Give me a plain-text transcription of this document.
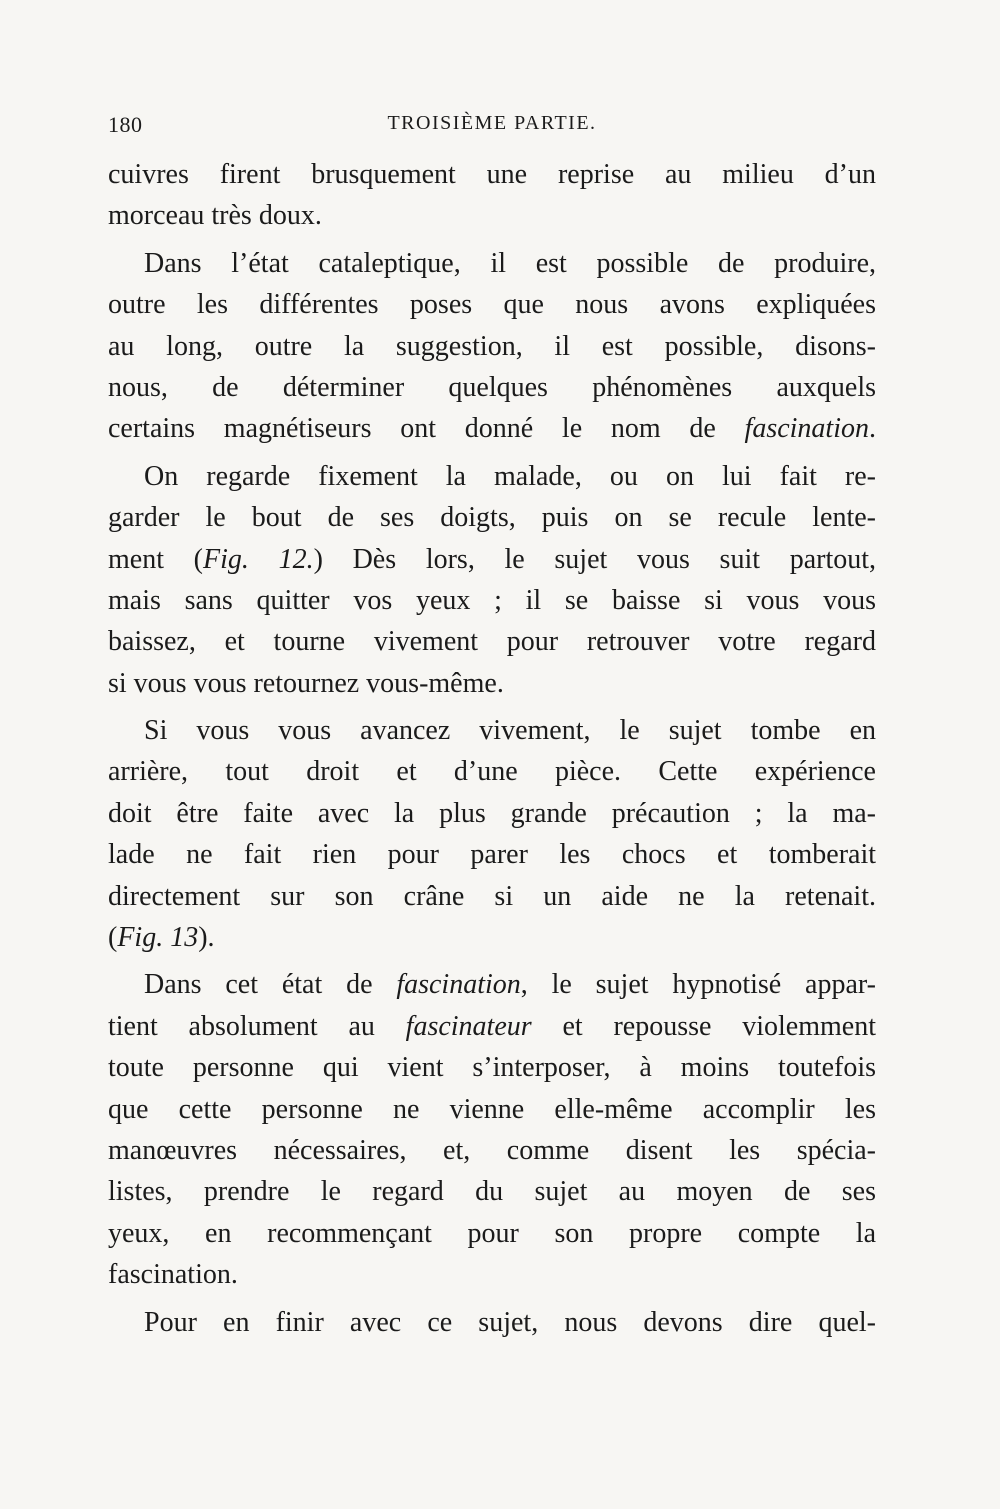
180	TROISIÈME PARTIE.
cuivres firent brusquement une reprise au milieu d’un
morceau très doux.
Dans l’état cataleptique, il est possible de produire,
outre les différentes poses que nous avons expliquées
au long, outre la suggestion, il est possible, disons-
nous, de déterminer quelques phénomènes auxquels
certains magnétiseurs ont donné le nom de fascination.
On regarde fixement la malade, ou on lui fait re-
garder le bout de ses doigts, puis on se recule lente-
ment (Fig. 12.) Dès lors, le sujet vous suit partout,
mais sans quitter vos yeux ; il se baisse si vous vous
baissez, et tourne vivement pour retrouver votre regard
si vous vous retournez vous-même.
Si vous vous avancez vivement, le sujet tombe en
arrière, tout droit et d’une pièce. Cette expérience
doit être faite avec la plus grande précaution ; la ma-
lade ne fait rien pour parer les chocs et tomberait
directement sur son crâne si un aide ne la retenait.
(Fig. 13).
Dans cet état de fascination, le sujet hypnotisé appar-
tient absolument au fascinateur et repousse violemment
toute personne qui vient s’interposer, à moins toutefois
que cette personne ne vienne elle-même accomplir les
manœuvres nécessaires, et, comme disent les spécia-
listes, prendre le regard du sujet au moyen de ses
yeux, en recommençant pour son propre compte la
fascination.
Pour en finir avec ce sujet, nous devons dire quel-
